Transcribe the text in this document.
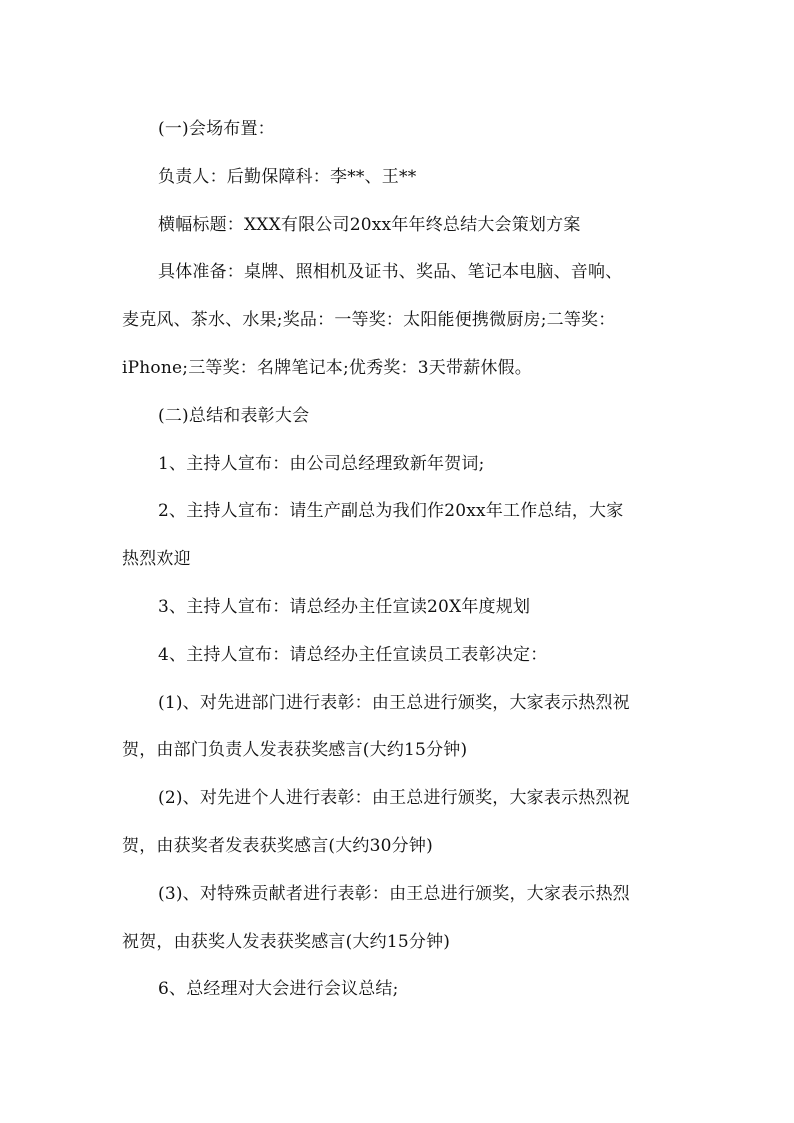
(一)会场布置：
负责人：后勤保障科：李**、王**
横幅标题：XXX有限公司20xx年年终总结大会策划方案
具体准备：桌牌、照相机及证书、奖品、笔记本电脑、音响、
麦克风、茶水、水果;奖品：一等奖：太阳能便携微厨房;二等奖：
iPhone;三等奖：名牌笔记本;优秀奖：3天带薪休假。
(二)总结和表彰大会
1、主持人宣布：由公司总经理致新年贺词;
2、主持人宣布：请生产副总为我们作20xx年工作总结，大家
热烈欢迎
3、主持人宣布：请总经办主任宣读20X年度规划
4、主持人宣布：请总经办主任宣读员工表彰决定：
(1)、对先进部门进行表彰：由王总进行颁奖，大家表示热烈祝
贺，由部门负责人发表获奖感言(大约15分钟)
(2)、对先进个人进行表彰：由王总进行颁奖，大家表示热烈祝
贺，由获奖者发表获奖感言(大约30分钟)
(3)、对特殊贡献者进行表彰：由王总进行颁奖，大家表示热烈
祝贺，由获奖人发表获奖感言(大约15分钟)
6、总经理对大会进行会议总结;
